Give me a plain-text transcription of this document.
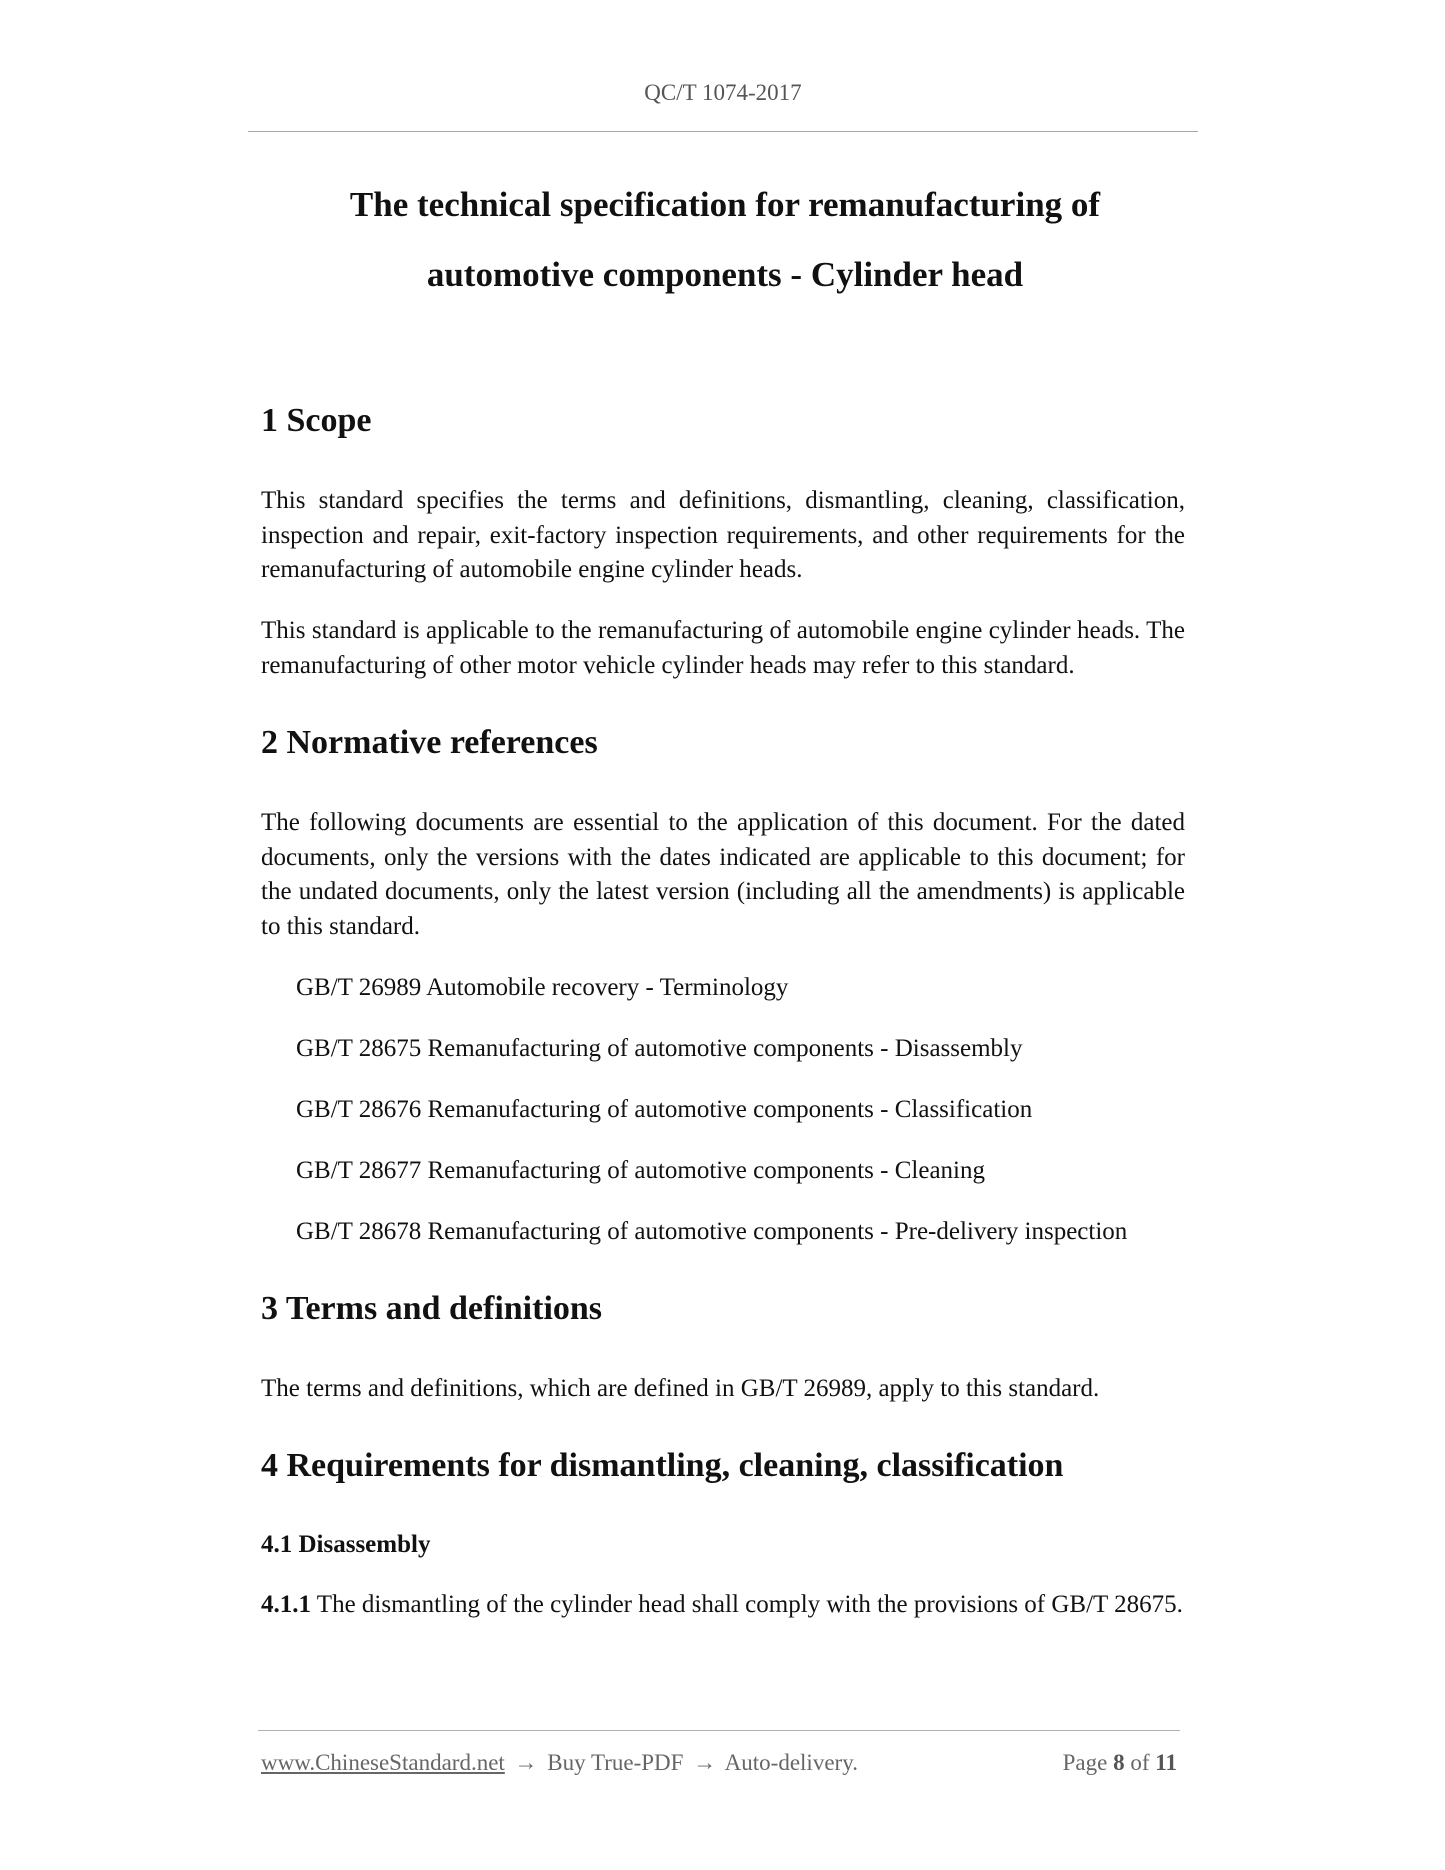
QC/T 1074-2017
The technical specification for remanufacturing of
automotive components - Cylinder head
1 Scope

This standard specifies the terms and definitions, dismantling, cleaning, classification, inspection and repair, exit-factory inspection requirements, and other requirements for the remanufacturing of automobile engine cylinder heads.

This standard is applicable to the remanufacturing of automobile engine cylinder heads. The remanufacturing of other motor vehicle cylinder heads may refer to this standard.

2 Normative references

The following documents are essential to the application of this document. For the dated documents, only the versions with the dates indicated are applicable to this document; for the undated documents, only the latest version (including all the amendments) is applicable to this standard.

GB/T 26989 Automobile recovery - Terminology

GB/T 28675 Remanufacturing of automotive components - Disassembly

GB/T 28676 Remanufacturing of automotive components - Classification

GB/T 28677 Remanufacturing of automotive components - Cleaning

GB/T 28678 Remanufacturing of automotive components - Pre-delivery inspection

3 Terms and definitions

The terms and definitions, which are defined in GB/T 26989, apply to this standard.

4 Requirements for dismantling, cleaning, classification
4.1 Disassembly

4.1.1 The dismantling of the cylinder head shall comply with the provisions of GB/T 28675.

www.ChineseStandard.net → Buy True-PDF → Auto-delivery.	Page 8 of 11
